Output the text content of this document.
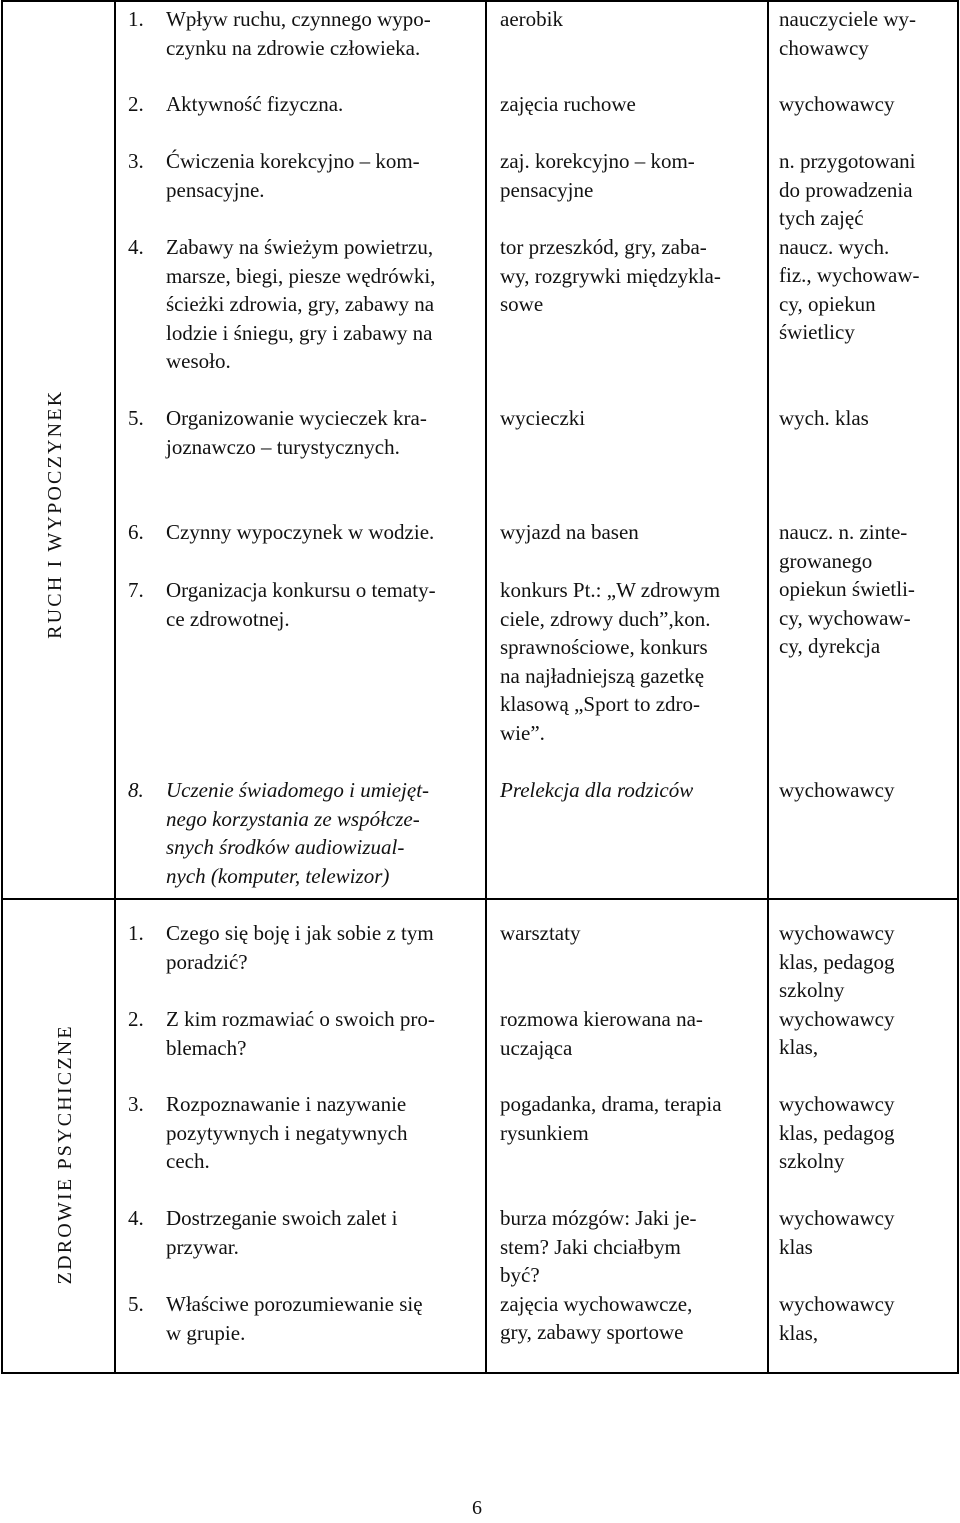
RUCH I WYPOCZYNEK
ZDROWIE PSYCHICZNE
1. Wpływ ruchu, czynnego wypo-
czynku na zdrowie człowieka.
2. Aktywność fizyczna.
3. Ćwiczenia korekcyjno – kom-
pensacyjne.
4. Zabawy na świeżym powietrzu,
marsze, biegi, piesze wędrówki,
ścieżki zdrowia, gry, zabawy na
lodzie i śniegu, gry i zabawy na
wesoło.
5. Organizowanie wycieczek kra-
joznawczo – turystycznych.
6. Czynny wypoczynek w wodzie.
7. Organizacja konkursu o tematy-
ce zdrowotnej.
8. Uczenie świadomego i umiejęt-
nego korzystania ze współcze-
snych środków audiowizual-
nych (komputer, telewizor)
aerobik
zajęcia ruchowe
zaj. korekcyjno – kom-
pensacyjne
tor przeszkód, gry, zaba-
wy, rozgrywki międzykla-
sowe
wycieczki
wyjazd na basen
konkurs Pt.: „W zdrowym
ciele, zdrowy duch”,kon.
sprawnościowe, konkurs
na najładniejszą gazetkę
klasową „Sport to zdro-
wie”.
Prelekcja dla rodziców
nauczyciele wy-
chowawcy
wychowawcy
n. przygotowani
do prowadzenia
tych zajęć
naucz. wych.
fiz., wychowaw-
cy, opiekun
świetlicy
wych. klas
naucz. n. zinte-
growanego
opiekun świetli-
cy, wychowaw-
cy, dyrekcja
wychowawcy
1. Czego się boję i jak sobie z tym
poradzić?
2. Z kim rozmawiać o swoich pro-
blemach?
3. Rozpoznawanie i nazywanie
pozytywnych i negatywnych
cech.
4. Dostrzeganie swoich zalet i
przywar.
5. Właściwe porozumiewanie się
w grupie.
warsztaty
rozmowa kierowana na-
uczająca
pogadanka, drama, terapia
rysunkiem
burza mózgów: Jaki je-
stem? Jaki chciałbym
być?
zajęcia wychowawcze,
gry, zabawy sportowe
wychowawcy
klas, pedagog
szkolny
wychowawcy
klas,
wychowawcy
klas, pedagog
szkolny
wychowawcy
klas
wychowawcy
klas,
6
